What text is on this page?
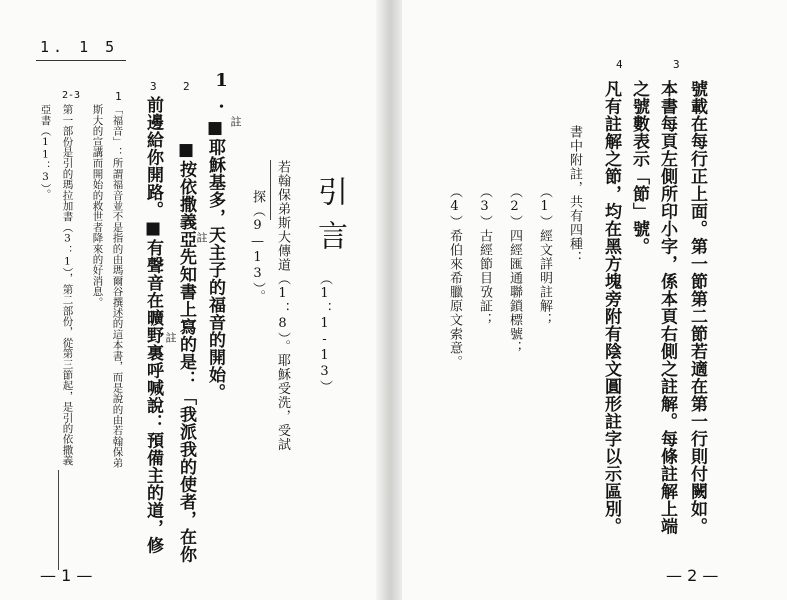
1. 1 5
1.
引言
（1：1-13）
若翰保弟斯大傳道（1：8）。耶穌受洗，受試
探（9—13）。
■耶穌基多，天主子的福音的開始。
■按依撒義亞先知書上寫的是：「我派我的使者，在你
前邊給你開路。■有聲音在曠野裏呼喊說：預備主的道，修	註
註
註
2
3
1
「福音」：所謂福音並不是指的由瑪爾谷撰述的這本書，而是說的由若翰保弟
斯大的宣講而開始的救世者降來的好消息。
2-3
第一部份是引的瑪拉加書（3：1），第二部份，從第三節起，是引的依撒義
亞書（11：3）。
— 1 —
3
4
號載在每行正上面。第一節第二節若適在第一行則付闕如。
本書每頁左側所印小字，係本頁右側之註解。每條註解上端
之號數表示「節」號。
凡有註解之節，均在黑方塊旁附有陰文圓形註字以示區別。
書中附註，共有四種：
（1）經文詳明註解；
（2）四經匯通聯鎖標號；
（3）古經節目攷証；
（4）希伯來希臘原文索意。
— 2 —
